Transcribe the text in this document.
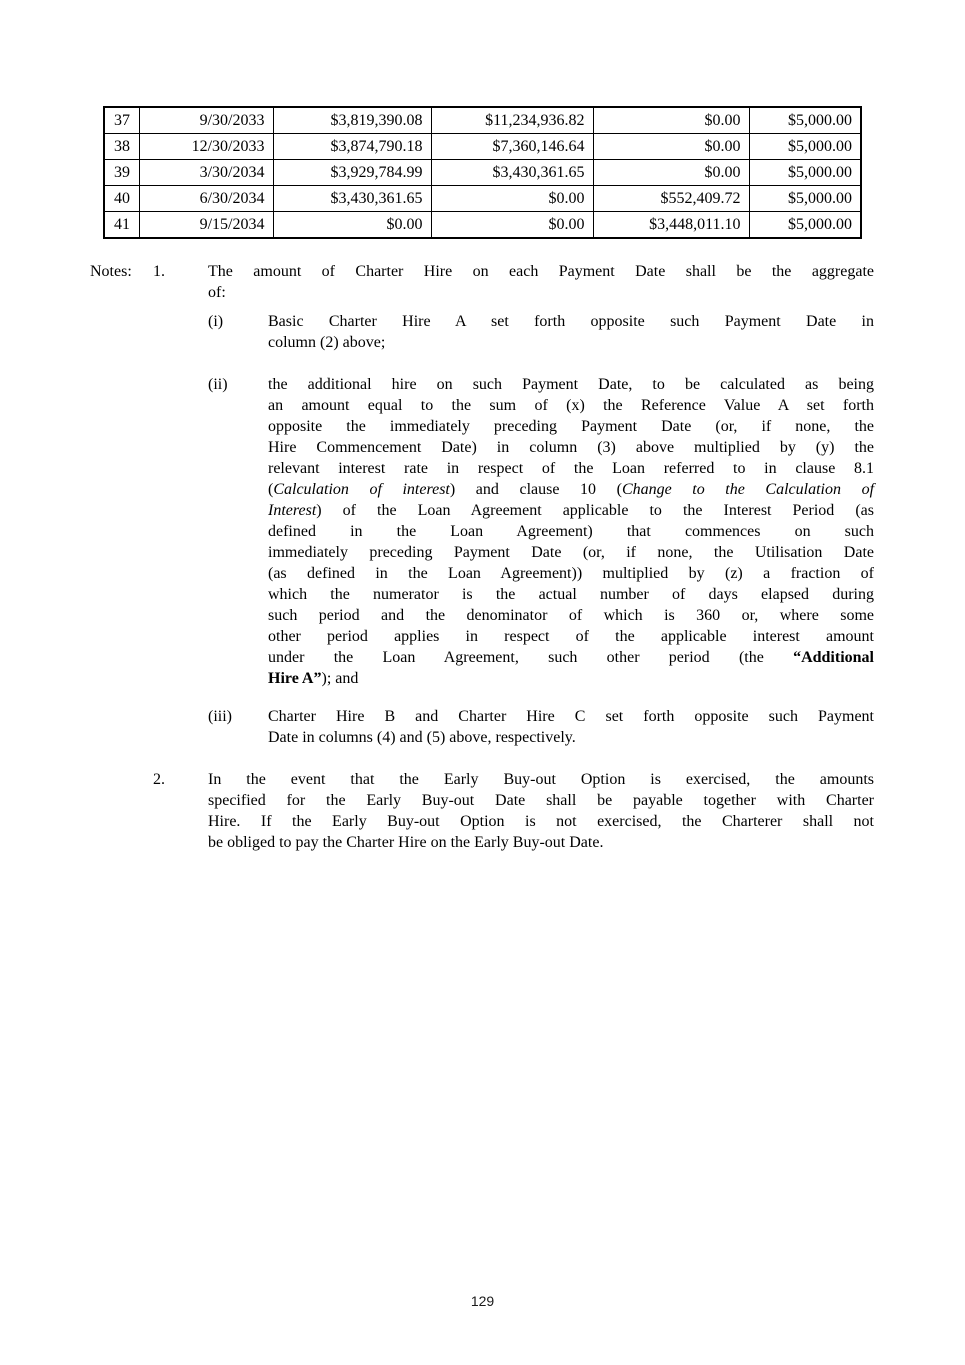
37	9/30/2033	$3,819,390.08	$11,234,936.82	$0.00	$5,000.00
38	12/30/2033	$3,874,790.18	$7,360,146.64	$0.00	$5,000.00
39	3/30/2034	$3,929,784.99	$3,430,361.65	$0.00	$5,000.00
40	6/30/2034	$3,430,361.65	$0.00	$552,409.72	$5,000.00
41	9/15/2034	$0.00	$0.00	$3,448,011.10	$5,000.00
Notes:	1.	The amount of Charter Hire on each Payment Date shall be the aggregate
of:
(i)	Basic Charter Hire A set forth opposite such Payment Date in
column (2) above;
(ii)	the additional hire on such Payment Date, to be calculated as being
an amount equal to the sum of (x) the Reference Value A set forth
opposite the immediately preceding Payment Date (or, if none, the
Hire Commencement Date) in column (3) above multiplied by (y) the
relevant interest rate in respect of the Loan referred to in clause 8.1
(Calculation of interest) and clause 10 (Change to the Calculation of
Interest) of the Loan Agreement applicable to the Interest Period (as
defined in the Loan Agreement) that commences on such
immediately preceding Payment Date (or, if none, the Utilisation Date
(as defined in the Loan Agreement)) multiplied by (z) a fraction of
which the numerator is the actual number of days elapsed during
such period and the denominator of which is 360 or, where some
other period applies in respect of the applicable interest amount
under the Loan Agreement, such other period (the “Additional
Hire A”); and
(iii)	Charter Hire B and Charter Hire C set forth opposite such Payment
Date in columns (4) and (5) above, respectively.
2.	In the event that the Early Buy-out Option is exercised, the amounts
specified for the Early Buy-out Date shall be payable together with Charter
Hire. If the Early Buy-out Option is not exercised, the Charterer shall not
be obliged to pay the Charter Hire on the Early Buy-out Date.
129
